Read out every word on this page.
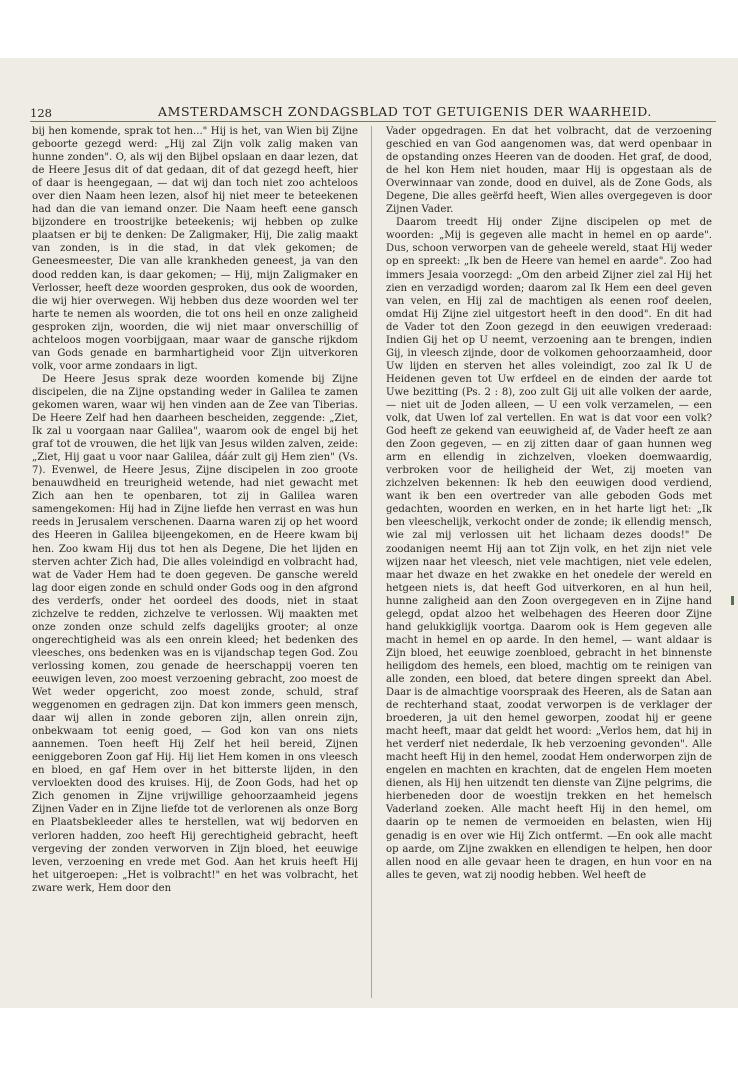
128	AMSTERDAMSCH ZONDAGSBLAD TOT GETUIGENIS DER WAARHEID.

bij hen komende, sprak tot hen..." Hij is het, van Wien bij Zijne geboorte gezegd werd: „Hij zal Zijn volk zalig maken van hunne zonden". O, als wij den Bijbel opslaan en daar lezen, dat de Heere Jesus dit of dat gedaan, dit of dat gezegd heeft, hier of daar is heengegaan, — dat wij dan toch niet zoo achteloos over dien Naam heen lezen, alsof hij niet meer te beteekenen had dan die van iemand onzer. Die Naam heeft eene gansch bijzondere en troostrijke beteekenis; wij hebben op zulke plaatsen er bij te denken: De Zaligmaker, Hij, Die zalig maakt van zonden, is in die stad, in dat vlek gekomen; de Geneesmeester, Die van alle krankheden geneest, ja van den dood redden kan, is daar gekomen; — Hij, mijn Zaligmaker en Verlosser, heeft deze woorden gesproken, dus ook de woorden, die wij hier overwegen. Wij hebben dus deze woorden wel ter harte te nemen als woorden, die tot ons heil en onze zaligheid gesproken zijn, woorden, die wij niet maar onverschillig of achteloos mogen voorbijgaan, maar waar de gansche rijkdom van Gods genade en barmhartigheid voor Zijn uitverkoren volk, voor arme zondaars in ligt.

De Heere Jesus sprak deze woorden komende bij Zijne discipelen, die na Zijne opstanding weder in Galilea te zamen gekomen waren, waar wij hen vinden aan de Zee van Tiberias. De Heere Zelf had hen daarheen bescheiden, zeggende: „Ziet, Ik zal u voorgaan naar Galilea", waarom ook de engel bij het graf tot de vrouwen, die het lijk van Jesus wilden zalven, zeide: „Ziet, Hij gaat u voor naar Galilea, dáár zult gij Hem zien" (Vs. 7). Evenwel, de Heere Jesus, Zijne discipelen in zoo groote benauwdheid en treurigheid wetende, had niet gewacht met Zich aan hen te openbaren, tot zij in Galilea waren samengekomen: Hij had in Zijne liefde hen verrast en was hun reeds in Jerusalem verschenen. Daarna waren zij op het woord des Heeren in Galilea bijeengekomen, en de Heere kwam bij hen. Zoo kwam Hij dus tot hen als Degene, Die het lijden en sterven achter Zich had, Die alles voleindigd en volbracht had, wat de Vader Hem had te doen gegeven. De gansche wereld lag door eigen zonde en schuld onder Gods oog in den afgrond des verderfs, onder het oordeel des doods, niet in staat zichzelve te redden, zichzelve te verlossen. Wij maakten met onze zonden onze schuld zelfs dagelijks grooter; al onze ongerechtigheid was als een onrein kleed; het bedenken des vleesches, ons bedenken was en is vijandschap tegen God. Zou verlossing komen, zou genade de heerschappij voeren ten eeuwigen leven, zoo moest verzoening gebracht, zoo moest de Wet weder opgericht, zoo moest zonde, schuld, straf weggenomen en gedragen zijn. Dat kon immers geen mensch, daar wij allen in zonde geboren zijn, allen onrein zijn, onbekwaam tot eenig goed, — God kon van ons niets aannemen. Toen heeft Hij Zelf het heil bereid, Zijnen eeniggeboren Zoon gaf Hij. Hij liet Hem komen in ons vleesch en bloed, en gaf Hem over in het bitterste lijden, in den vervloekten dood des kruises. Hij, de Zoon Gods, had het op Zich genomen in Zijne vrijwillige gehoorzaamheid jegens Zijnen Vader en in Zijne liefde tot de verlorenen als onze Borg en Plaatsbekleeder alles te herstellen, wat wij bedorven en verloren hadden, zoo heeft Hij gerechtigheid gebracht, heeft vergeving der zonden verworven in Zijn bloed, het eeuwige leven, verzoening en vrede met God. Aan het kruis heeft Hij het uitgeroepen: „Het is volbracht!" en het was volbracht, het zware werk, Hem door den

Vader opgedragen. En dat het volbracht, dat de verzoening geschied en van God aangenomen was, dat werd openbaar in de opstanding onzes Heeren van de dooden. Het graf, de dood, de hel kon Hem niet houden, maar Hij is opgestaan als de Overwinnaar van zonde, dood en duivel, als de Zone Gods, als Degene, Die alles geërfd heeft, Wien alles overgegeven is door Zijnen Vader.

Daarom treedt Hij onder Zijne discipelen op met de woorden: „Mij is gegeven alle macht in hemel en op aarde". Dus, schoon verworpen van de geheele wereld, staat Hij weder op en spreekt: „Ik ben de Heere van hemel en aarde". Zoo had immers Jesaia voorzegd: „Om den arbeid Zijner ziel zal Hij het zien en verzadigd worden; daarom zal Ik Hem een deel geven van velen, en Hij zal de machtigen als eenen roof deelen, omdat Hij Zijne ziel uitgestort heeft in den dood". En dit had de Vader tot den Zoon gezegd in den eeuwigen vrederaad: Indien Gij het op U neemt, verzoening aan te brengen, indien Gij, in vleesch zijnde, door de volkomen gehoorzaamheid, door Uw lijden en sterven het alles voleindigt, zoo zal Ik U de Heidenen geven tot Uw erfdeel en de einden der aarde tot Uwe bezitting (Ps. 2 : 8), zoo zult Gij uit alle volken der aarde, — niet uit de Joden alleen, — U een volk verzamelen, — een volk, dat Uwen lof zal vertellen. En wat is dat voor een volk? God heeft ze gekend van eeuwigheid af, de Vader heeft ze aan den Zoon gegeven, — en zij zitten daar of gaan hunnen weg arm en ellendig in zichzelven, vloeken doemwaardig, verbroken voor de heiligheid der Wet, zij moeten van zichzelven bekennen: Ik heb den eeuwigen dood verdiend, want ik ben een overtreder van alle geboden Gods met gedachten, woorden en werken, en in het harte ligt het: „Ik ben vleeschelijk, verkocht onder de zonde; ik ellendig mensch, wie zal mij verlossen uit het lichaam dezes doods!" De zoodanigen neemt Hij aan tot Zijn volk, en het zijn niet vele wijzen naar het vleesch, niet vele machtigen, niet vele edelen, maar het dwaze en het zwakke en het onedele der wereld en hetgeen niets is, dat heeft God uitverkoren, en al hun heil, hunne zaligheid aan den Zoon overgegeven en in Zijne hand gelegd, opdat alzoo het welbehagen des Heeren door Zijne hand gelukkiglijk voortga. Daarom ook is Hem gegeven alle macht in hemel en op aarde. In den hemel, — want aldaar is Zijn bloed, het eeuwige zoenbloed, gebracht in het binnenste heiligdom des hemels, een bloed, machtig om te reinigen van alle zonden, een bloed, dat betere dingen spreekt dan Abel. Daar is de almachtige voorspraak des Heeren, als de Satan aan de rechterhand staat, zoodat verworpen is de verklager der broederen, ja uit den hemel geworpen, zoodat hij er geene macht heeft, maar dat geldt het woord: „Verlos hem, dat hij in het verderf niet nederdale, Ik heb verzoening gevonden". Alle macht heeft Hij in den hemel, zoodat Hem onderworpen zijn de engelen en machten en krachten, dat de engelen Hem moeten dienen, als Hij hen uitzendt ten dienste van Zijne pelgrims, die hierbeneden door de woestijn trekken en het hemelsch Vaderland zoeken. Alle macht heeft Hij in den hemel, om daarin op te nemen de vermoeiden en belasten, wien Hij genadig is en over wie Hij Zich ontfermt. —En ook alle macht op aarde, om Zijne zwakken en ellendigen te helpen, hen door allen nood en alle gevaar heen te dragen, en hun voor en na alles te geven, wat zij noodig hebben. Wel heeft de
